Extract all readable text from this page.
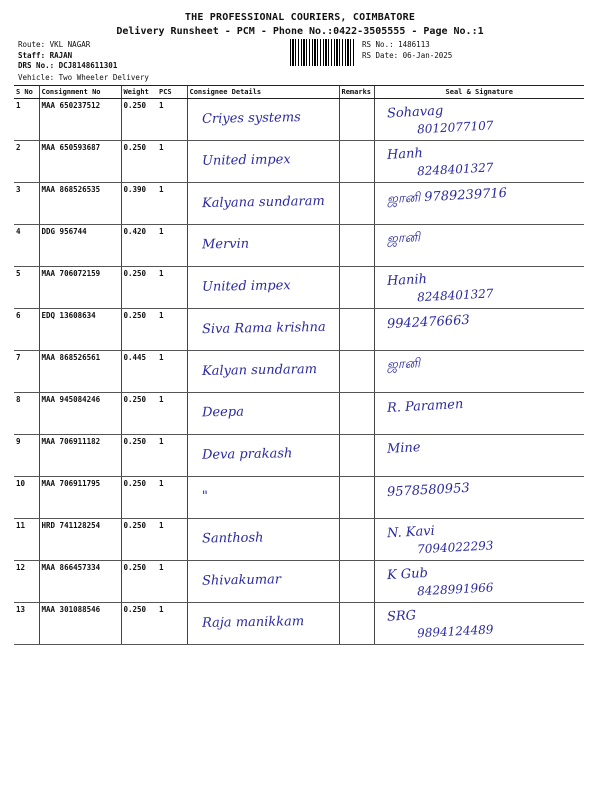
THE PROFESSIONAL COURIERS, COIMBATORE
Delivery Runsheet - PCM - Phone No.:0422-3505555 - Page No.:1
Route: VKL NAGAR
Staff: RAJAN
DRS No.: DCJ8148611301
RS No.: 1486113
RS Date: 06-Jan-2025
Vehicle: Two Wheeler Delivery
S No	Consignment No	Weight	PCS	Consignee Details	Remarks	Seal & Signature
1	MAA 650237512	0.250	1	Criyes systems		Sohavag
8012077107

2	MAA 650593687	0.250	1	United impex		Hanh
8248401327

3	MAA 868526535	0.390	1	Kalyana sundaram		ஜானி 9789239716

4	DDG 956744	0.420	1	Mervin		ஜானி

5	MAA 706072159	0.250	1	United impex		Hanih
8248401327

6	EDQ 13608634	0.250	1	Siva Rama krishna		9942476663

7	MAA 868526561	0.445	1	Kalyan sundaram		ஜானி

8	MAA 945084246	0.250	1	Deepa		R. Paramen

9	MAA 706911182	0.250	1	Deva prakash		Mine

10	MAA 706911795	0.250	1	"		9578580953

11	HRD 741128254	0.250	1	Santhosh		N. Kavi
7094022293

12	MAA 866457334	0.250	1	Shivakumar		K Gub
8428991966

13	MAA 301088546	0.250	1	Raja manikkam		SRG
9894124489
